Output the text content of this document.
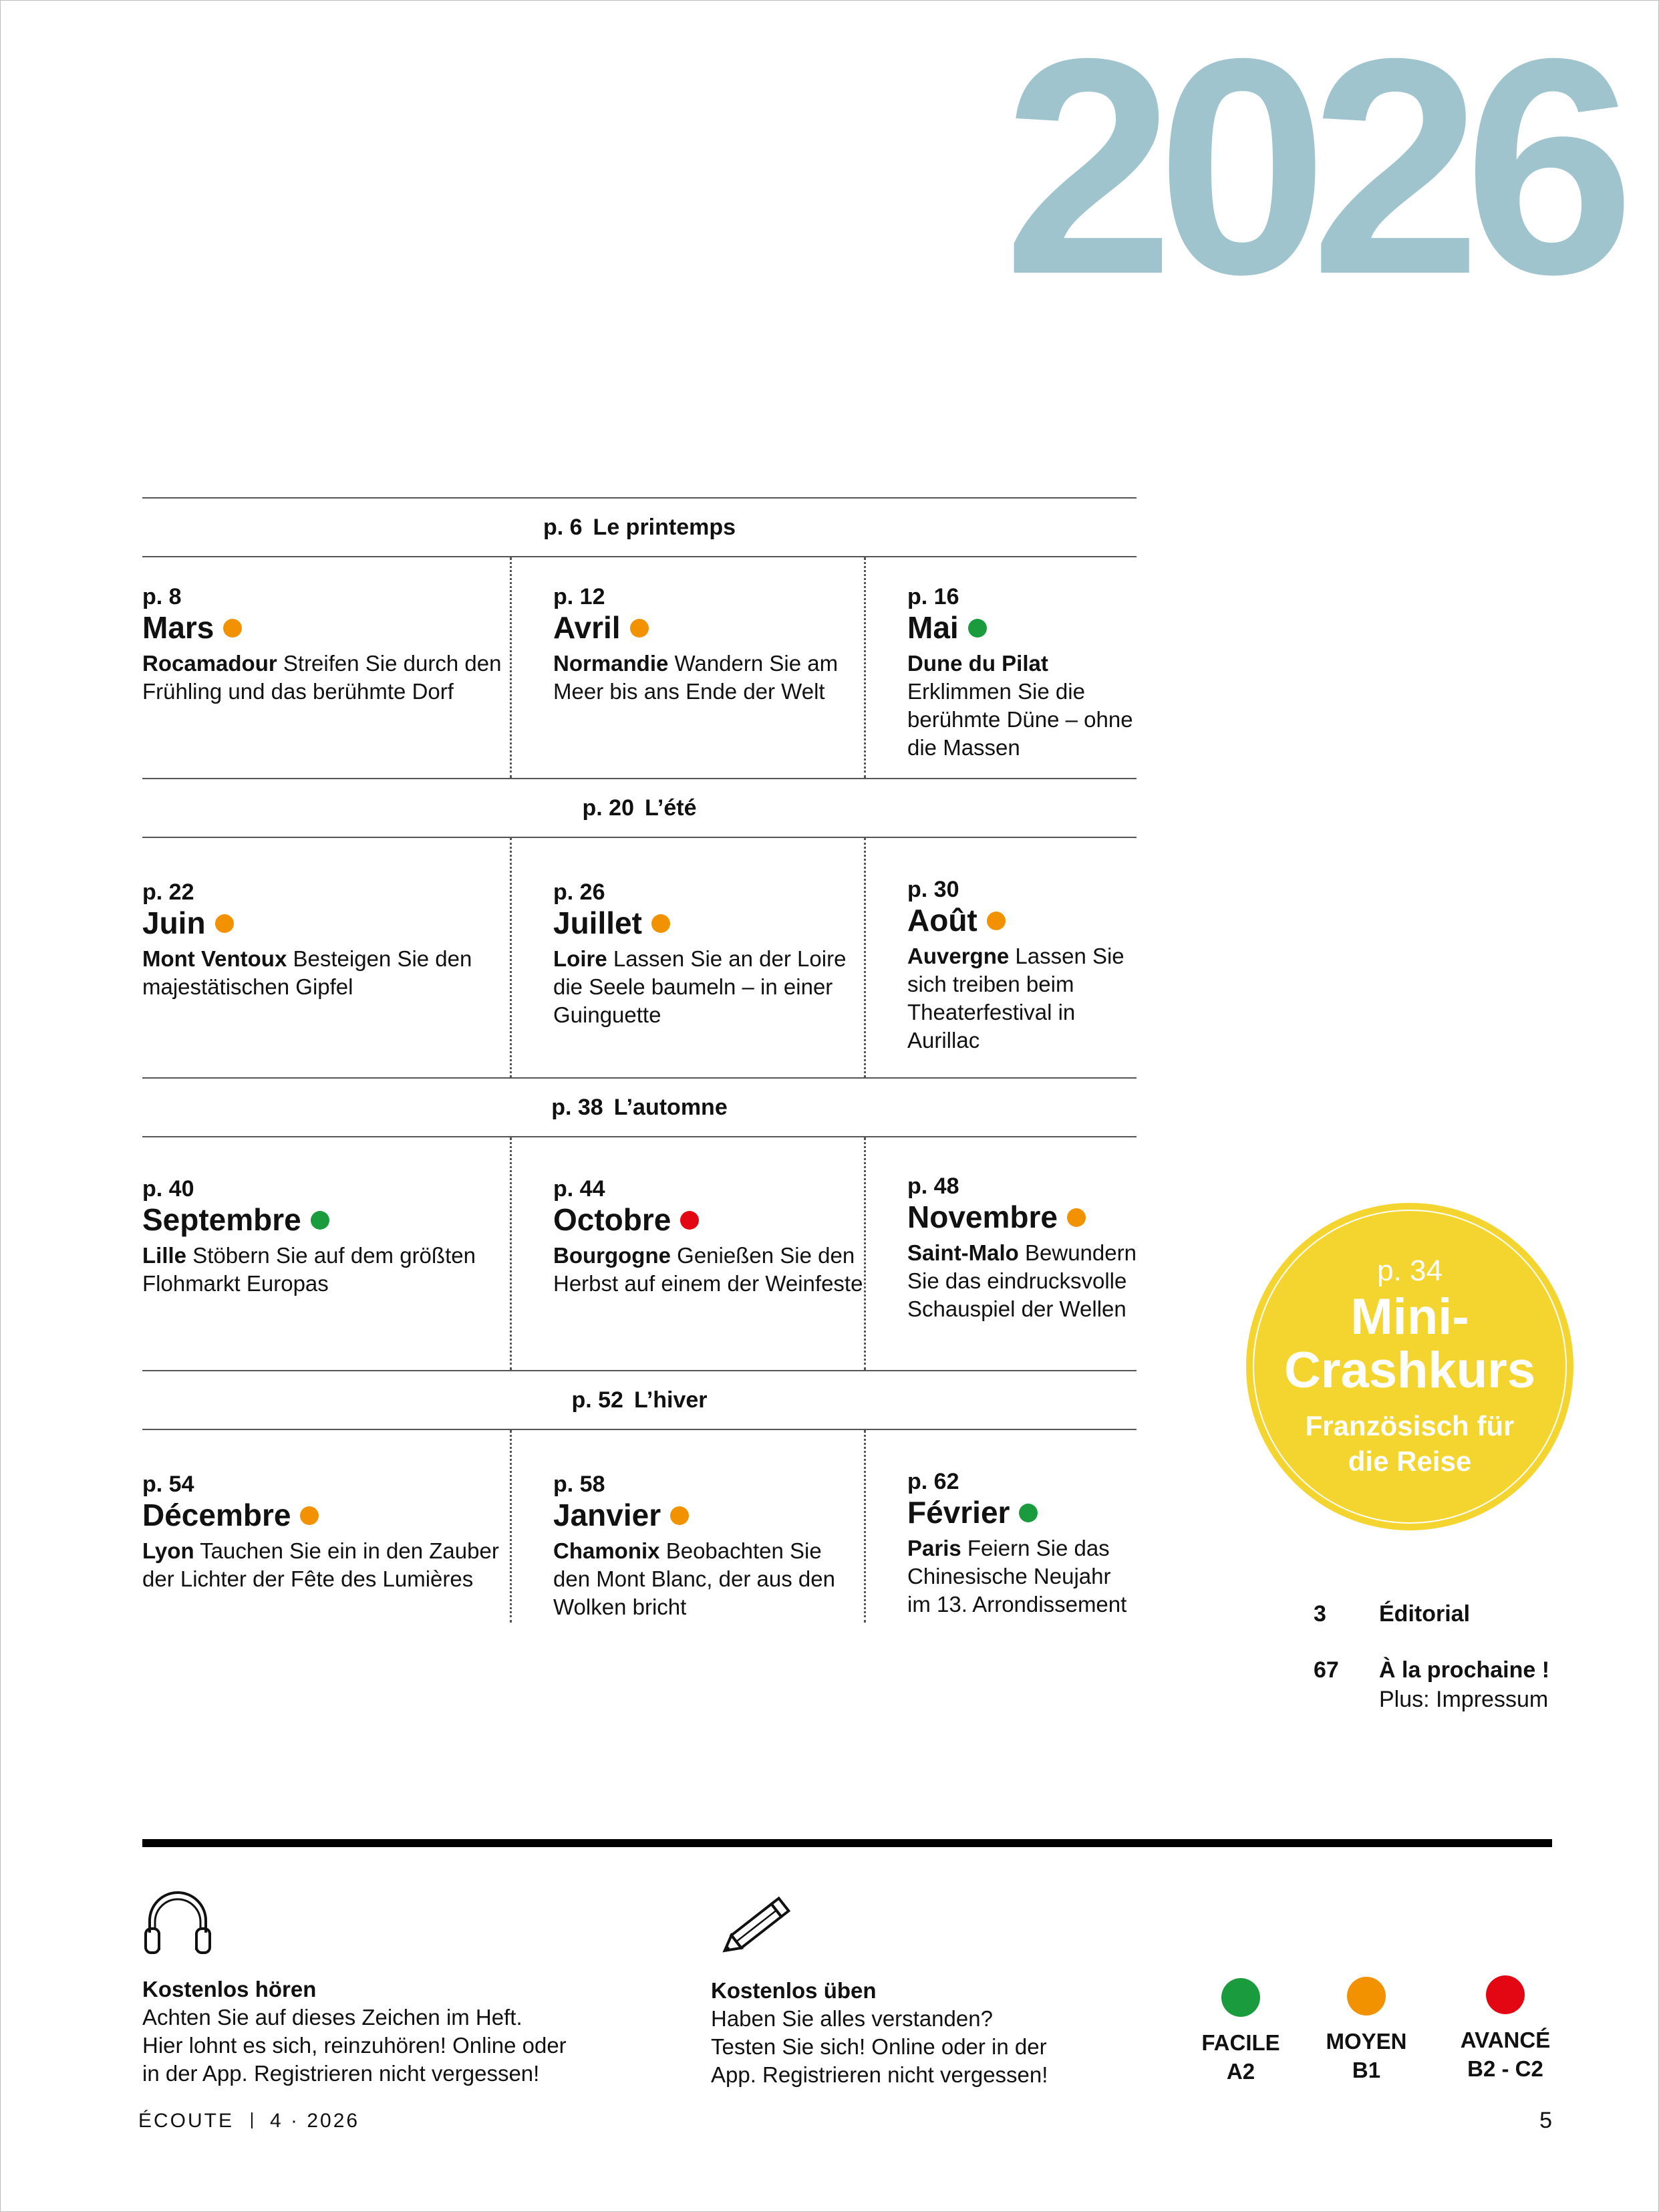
2026
p. 6 Le printemps
p. 8
Mars
Rocamadour Streifen Sie durch den Frühling und das berühmte Dorf
p. 12
Avril
Normandie Wandern Sie am Meer bis ans Ende der Welt
p. 16
Mai
Dune du Pilat Erklimmen Sie die berühmte Düne – ohne die Massen
p. 20 L’été
p. 22
Juin
Mont Ventoux Besteigen Sie den majestätischen Gipfel
p. 26
Juillet
Loire Lassen Sie an der Loire die Seele baumeln – in einer Guinguette
p. 30
Août
Auvergne Lassen Sie sich treiben beim Theaterfestival in Aurillac
p. 38 L’automne
p. 40
Septembre
Lille Stöbern Sie auf dem größten Flohmarkt Europas
p. 44
Octobre
Bourgogne Genießen Sie den Herbst auf einem der Weinfeste
p. 48
Novembre
Saint-Malo Bewundern Sie das eindrucksvolle Schauspiel der Wellen
p. 52 L’hiver
p. 54
Décembre
Lyon Tauchen Sie ein in den Zauber der Lichter der Fête des Lumières
p. 58
Janvier
Chamonix Beobachten Sie den Mont Blanc, der aus den Wolken bricht
p. 62
Février
Paris Feiern Sie das Chinesische Neujahr im 13. Arrondissement
p. 34
Mini-
Crashkurs
Französisch für
die Reise
3 Éditorial
67 À la prochaine !
Plus: Impressum
Kostenlos hören
Achten Sie auf dieses Zeichen im Heft.
Hier lohnt es sich, reinzuhören! Online oder
in der App. Registrieren nicht vergessen!
Kostenlos üben
Haben Sie alles verstanden?
Testen Sie sich! Online oder in der
App. Registrieren nicht vergessen!
FACILE
A2
MOYEN
B1
AVANCÉ
B2 - C2
ÉCOUTE 4 · 2026	5
